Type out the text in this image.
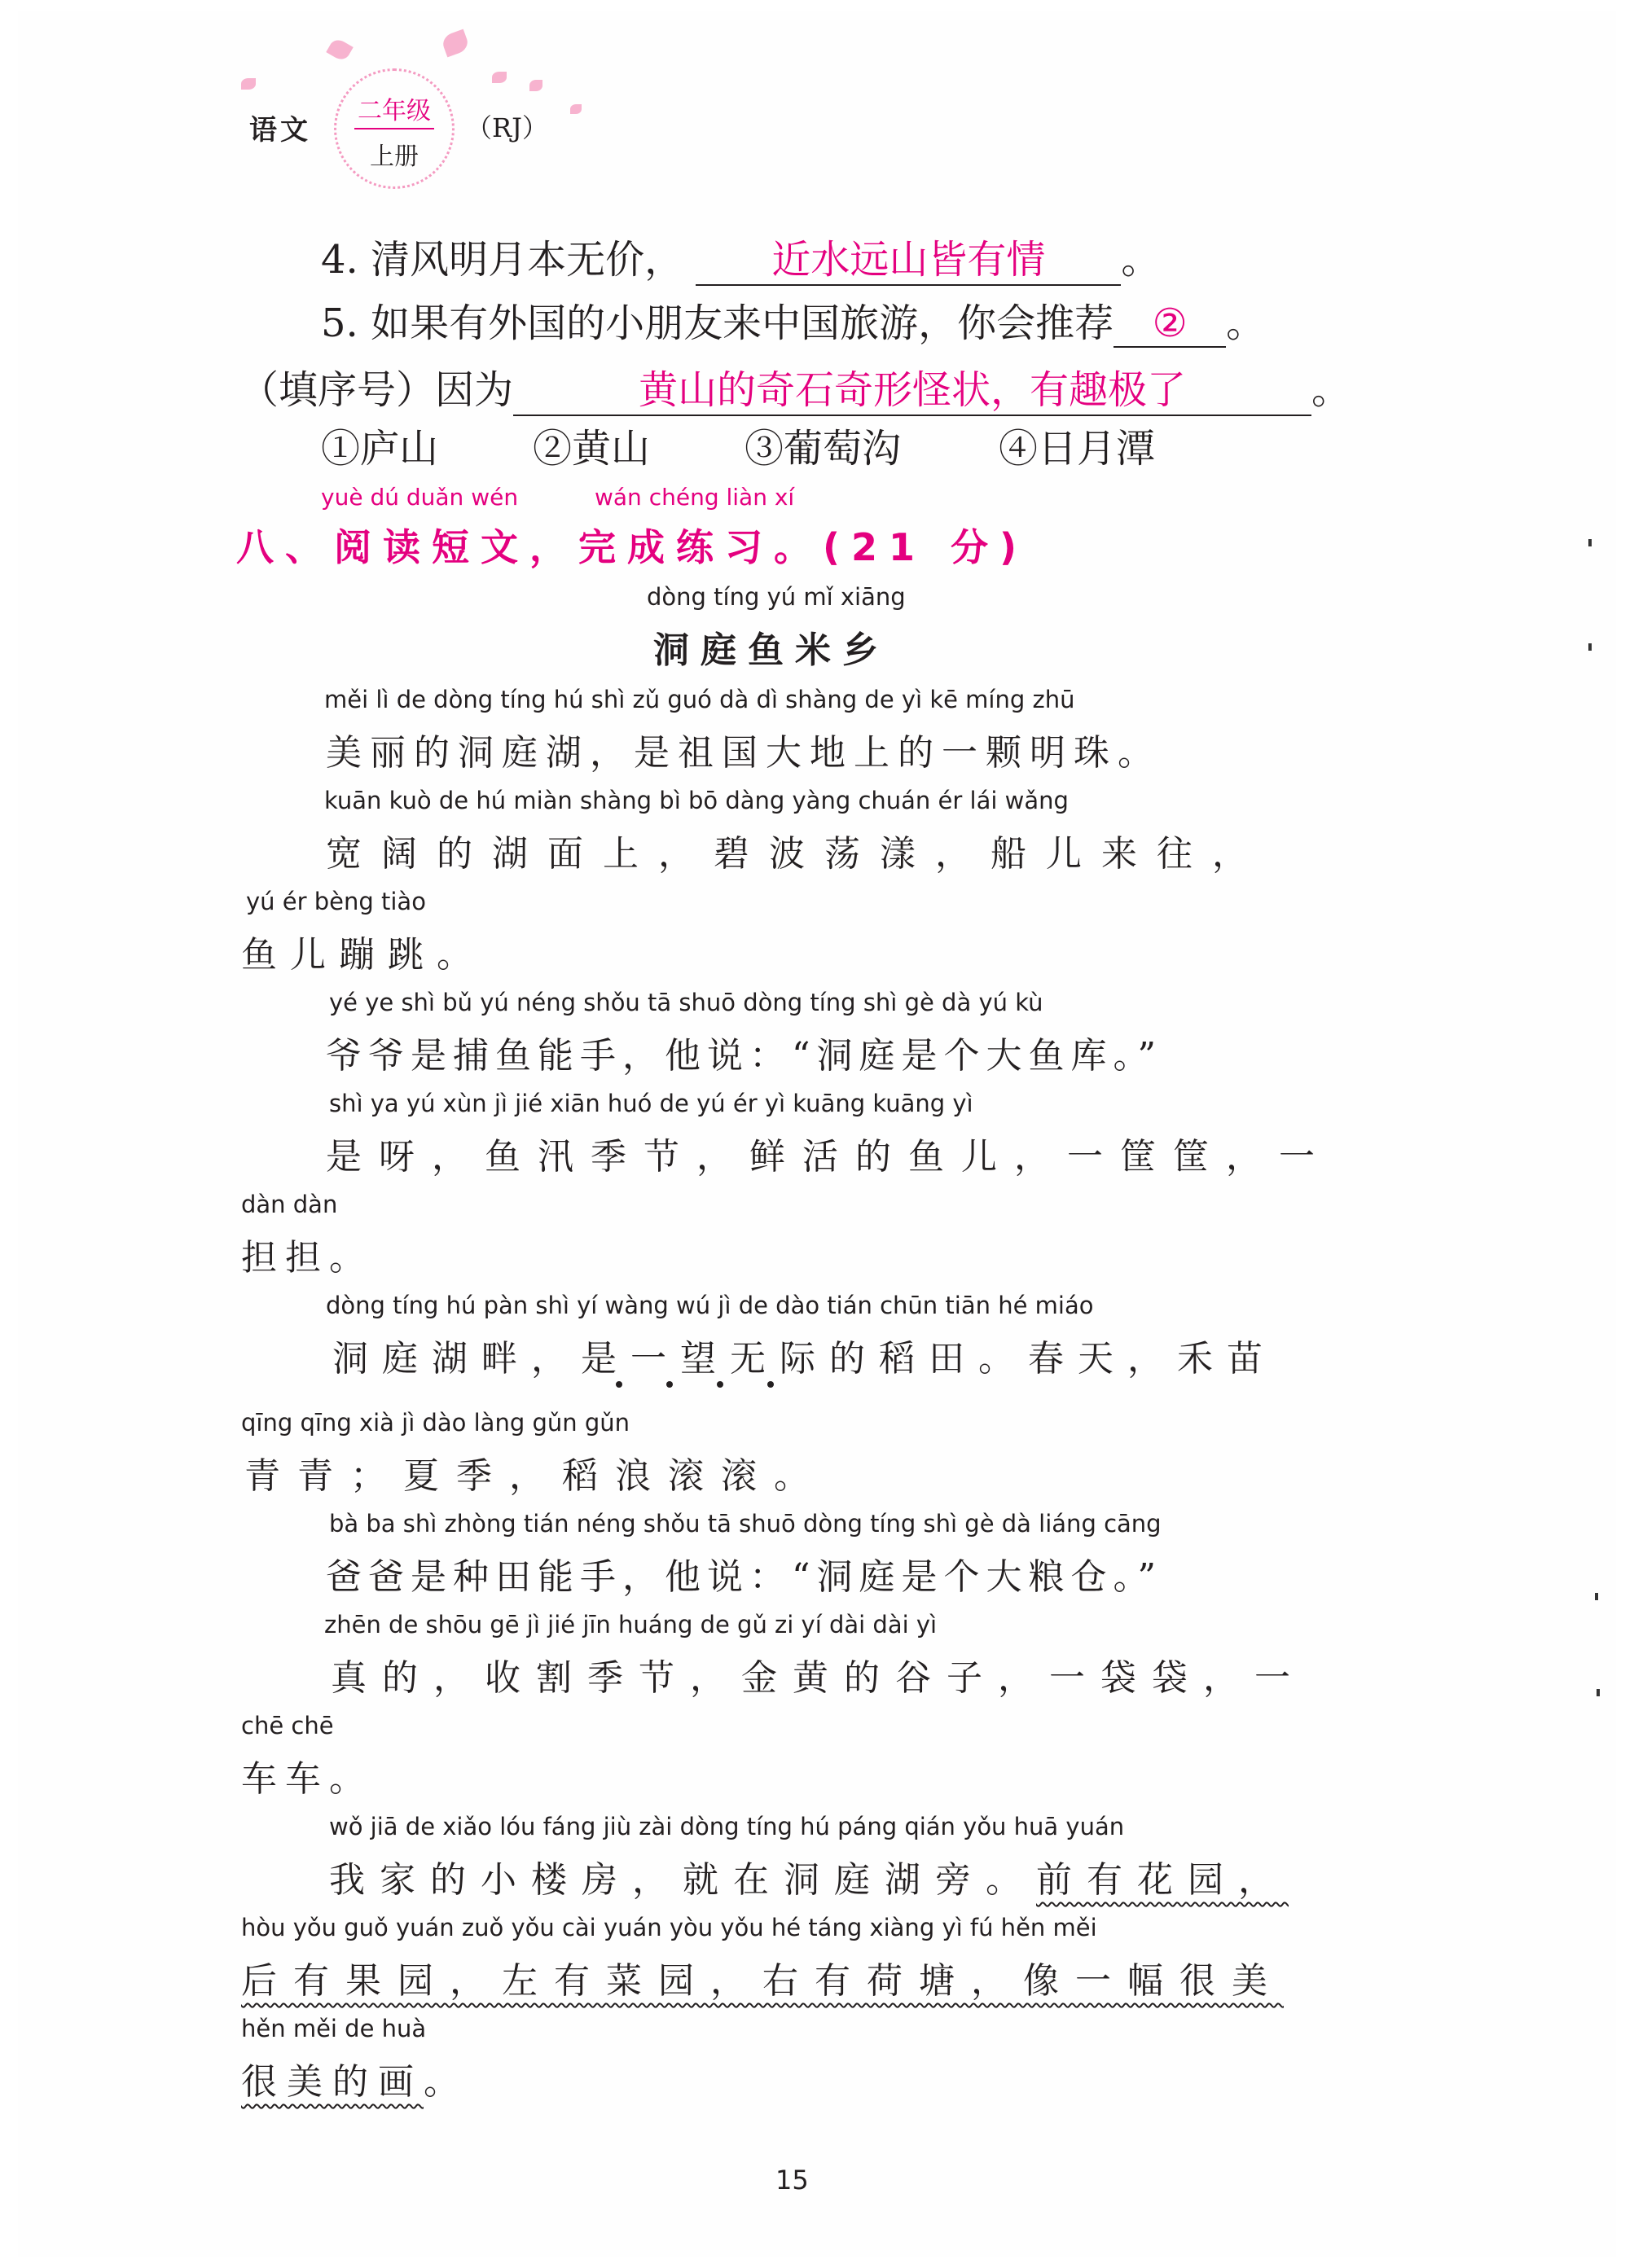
语文
二年级
上册
（RJ）
4. 清风明月本无价， 近水远山皆有情 。
5. 如果有外国的小朋友来中国旅游，你会推荐 ② 。
（填序号）因为	黄山的奇石奇形怪状，有趣极了	。
①庐山 ②黄山 ③葡萄沟 ④日月潭
yuè dú duǎn wén	wán chéng liàn xí
八、阅读短文，完成练习。(21 分)
dòng tíng yú mǐ xiāng
洞庭鱼米乡
měi lì de dòng tíng hú shì zǔ guó dà dì shàng de yì kē míng zhū
美丽的洞庭湖，是祖国大地上的一颗明珠。
kuān kuò de hú miàn shàng bì bō dàng yàng chuán ér lái wǎng
宽阔的湖面上，碧波荡漾，船儿来往，
yú ér bèng tiào
鱼儿蹦跳。
yé ye shì bǔ yú néng shǒu tā shuō dòng tíng shì gè dà yú kù
爷爷是捕鱼能手，他说：“洞庭是个大鱼库。”
shì ya yú xùn jì jié xiān huó de yú ér yì kuāng kuāng yì
是呀，鱼汛季节，鲜活的鱼儿，一筐筐，一
dàn dàn
担担。
dòng tíng hú pàn shì yí wàng wú jì de dào tián chūn tiān hé miáo
洞庭湖畔，是一望无际的稻田。春天，禾苗
qīng qīng xià jì dào làng gǔn gǔn
青青；夏季，稻浪滚滚。
bà ba shì zhòng tián néng shǒu tā shuō dòng tíng shì gè dà liáng cāng
爸爸是种田能手，他说：“洞庭是个大粮仓。”
zhēn de shōu gē jì jié jīn huáng de gǔ zi yí dài dài yì
真的，收割季节，金黄的谷子，一袋袋，一
chē chē
车车。
wǒ jiā de xiǎo lóu fáng jiù zài dòng tíng hú páng qián yǒu huā yuán
我家的小楼房，就在洞庭湖旁。前有花园，
hòu yǒu guǒ yuán zuǒ yǒu cài yuán yòu yǒu hé táng xiàng yì fú hěn měi
后有果园，左有菜园，右有荷塘，像一幅很美
hěn měi de huà
很美的画。
15
